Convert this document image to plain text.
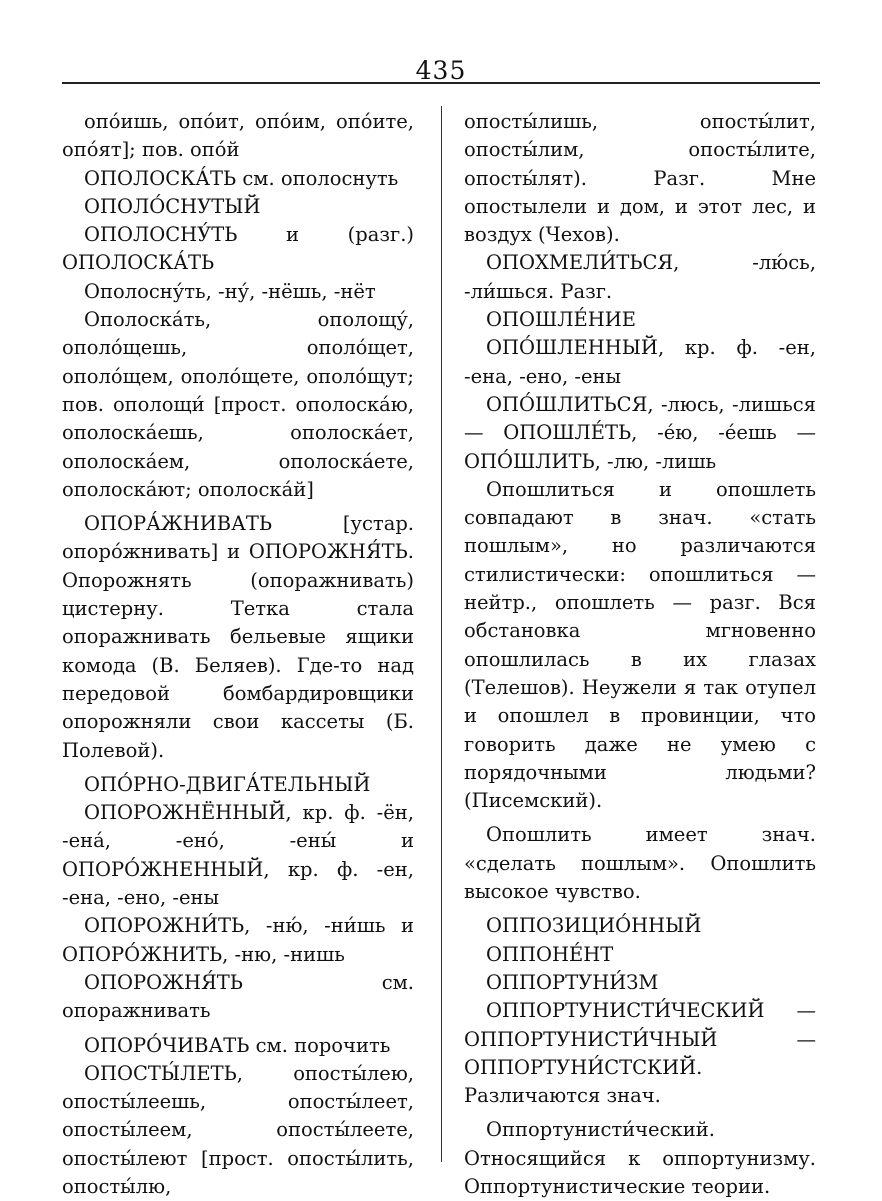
435

опо́ишь, опо́ит, опо́им, опо́ите, опо́ят]; пов. опо́й

ОПОЛОСКА́ТЬ см. ополоснуть

ОПОЛО́СНУТЫЙ

ОПОЛОСНУ́ТЬ и (разг.) ОПОЛОСКА́ТЬ

Ополосну́ть, -ну́, -нёшь, -нёт

Ополоска́ть, ополощу́, ополо́щешь, ополо́щет, ополо́щем, ополо́щете, ополо́щут; пов. ополощи́ [прост. ополоска́ю, ополоска́ешь, ополоска́ет, ополоска́ем, ополоска́ете, ополоска́ют; ополоска́й]

ОПОРА́ЖНИВАТЬ [устар. опоро́жнивать] и ОПОРОЖНЯ́ТЬ. Опорожнять (опоражнивать) цистерну. Тетка стала опоражнивать бельевые ящики комода (В. Беляев). Где-то над передовой бомбардировщики опорожняли свои кассеты (Б. Полевой).

ОПО́РНО-ДВИГА́ТЕЛЬНЫЙ

ОПОРОЖНЁННЫЙ, кр. ф. -ён, -ена́, -ено́, -ены́ и ОПОРО́ЖНЕННЫЙ, кр. ф. -ен, -ена, -ено, -ены

ОПОРОЖНИ́ТЬ, -ню́, -ни́шь и ОПОРО́ЖНИТЬ, -ню, -нишь

ОПОРОЖНЯ́ТЬ см. опоражнивать

ОПОРО́ЧИВАТЬ см. порочить

ОПОСТЫ́ЛЕТЬ, опосты́лею, опосты́леешь, опосты́леет, опосты́леем, опосты́леете, опосты́леют [прост. опосты́лить, опосты́лю,

опосты́лишь, опосты́лит, опосты́лим, опосты́лите, опосты́лят). Разг. Мне опостылели и дом, и этот лес, и воздух (Чехов).

ОПОХМЕЛИ́ТЬСЯ, -лю́сь, -ли́шься. Разг.

ОПОШЛЕ́НИЕ

ОПО́ШЛЕННЫЙ, кр. ф. -ен, -ена, -ено, -ены

ОПО́ШЛИТЬСЯ, -люсь, -лишься — ОПОШЛЕ́ТЬ, -е́ю, -е́ешь — ОПО́ШЛИТЬ, -лю, -лишь

Опошлиться и опошлеть совпадают в знач. «стать пошлым», но различаются стилистически: опошлиться — нейтр., опошлеть — разг. Вся обстановка мгновенно опошлилась в их глазах (Телешов). Неужели я так отупел и опошлел в провинции, что говорить даже не умею с порядочными людьми? (Писемский).

Опошлить имеет знач. «сделать пошлым». Опошлить высокое чувство.

ОППОЗИЦИО́ННЫЙ

ОППОНЕ́НТ

ОППОРТУНИ́ЗМ

ОППОРТУНИСТИ́ЧЕСКИЙ — ОППОРТУНИСТИ́ЧНЫЙ — ОППОРТУНИ́СТСКИЙ. Различаются знач.

Оппортунисти́ческий. Относящийся к оппортунизму. Оппортунистические теории.
